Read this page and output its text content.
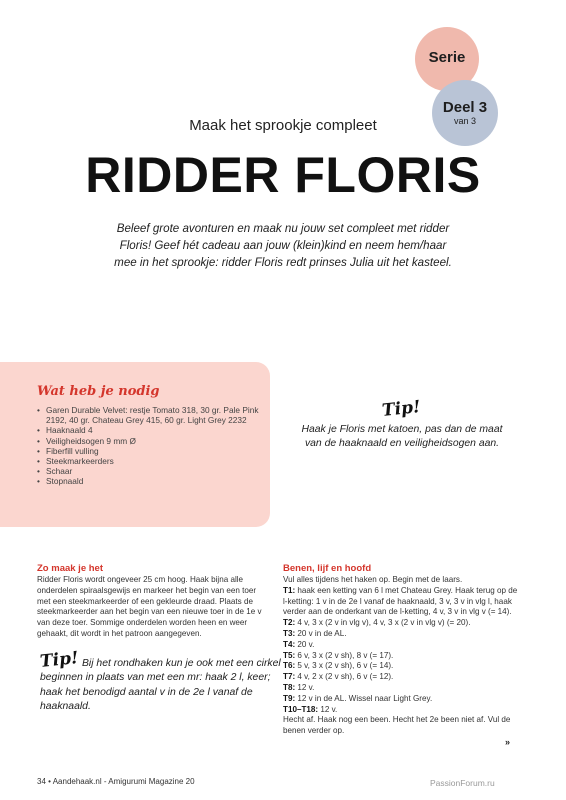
Serie
Deel 3
van 3
Maak het sprookje compleet
RIDDER FLORIS
Beleef grote avonturen en maak nu jouw set compleet met ridder Floris! Geef hét cadeau aan jouw (klein)kind en neem hem/haar mee in het sprookje: ridder Floris redt prinses Julia uit het kasteel.
Wat heb je nodig
• Garen Durable Velvet: restje Tomato 318, 30 gr. Pale Pink 2192, 40 gr. Chateau Grey 415, 60 gr. Light Grey 2232
• Haaknaald 4
• Veiligheidsogen 9 mm Ø
• Fiberfill vulling
• Steekmarkeerders
• Schaar
• Stopnaald
Tip!
Haak je Floris met katoen, pas dan de maat van de haaknaald en veiligheidsogen aan.
Zo maak je het
Ridder Floris wordt ongeveer 25 cm hoog. Haak bijna alle onderdelen spiraalsgewijs en markeer het begin van een toer met een steekmarkeerder of een gekleurde draad. Plaats de steekmarkeerder aan het begin van een nieuwe toer in de 1e v van deze toer. Sommige onderdelen worden heen en weer gehaakt, dit wordt in het patroon aangegeven.
Tip! Bij het rondhaken kun je ook met een cirkel beginnen in plaats van met een mr: haak 2 l, keer; haak het benodigd aantal v in de 2e l vanaf de haaknaald.
Benen, lijf en hoofd

Vul alles tijdens het haken op. Begin met de laars.

T1: haak een ketting van 6 l met Chateau Grey. Haak terug op de l-ketting: 1 v in de 2e l vanaf de haaknaald, 3 v, 3 v in vlg l, haak verder aan de onderkant van de l-ketting, 4 v, 3 v in vlg v (= 14).

T2: 4 v, 3 x (2 v in vlg v), 4 v, 3 x (2 v in vlg v) (= 20).

T3: 20 v in de AL.

T4: 20 v.

T5: 6 v, 3 x (2 v sh), 8 v (= 17).

T6: 5 v, 3 x (2 v sh), 6 v (= 14).

T7: 4 v, 2 x (2 v sh), 6 v (= 12).

T8: 12 v.

T9: 12 v in de AL. Wissel naar Light Grey.

T10–T18: 12 v.

Hecht af. Haak nog een been. Hecht het 2e been niet af. Vul de benen verder op.

»
34 • Aandehaak.nl - Amigurumi Magazine 20	PassionForum.ru
